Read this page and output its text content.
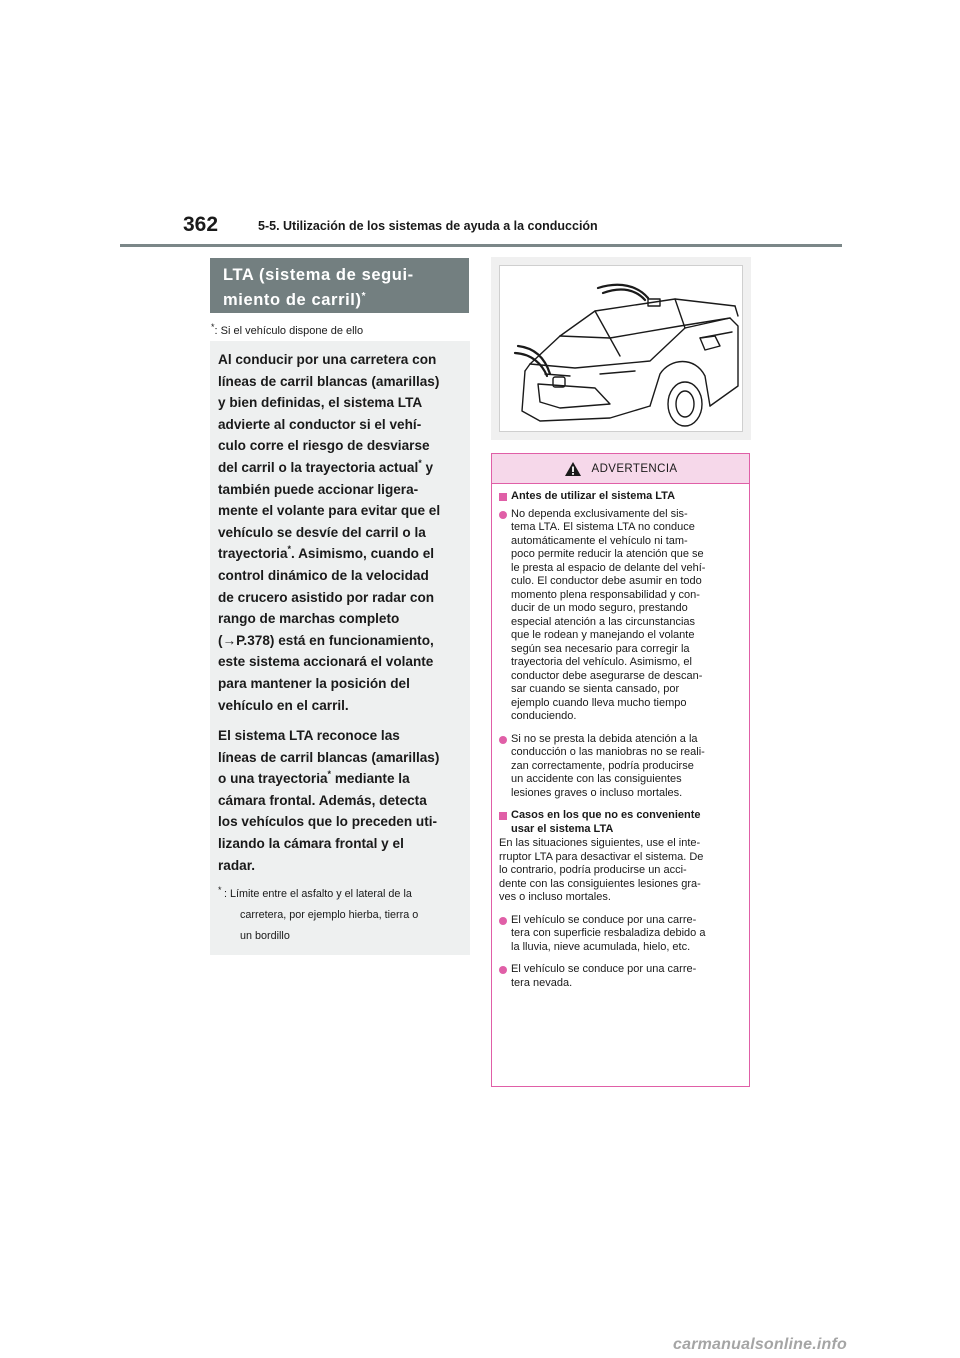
362	5-5. Utilización de los sistemas de ayuda a la conducción
LTA (sistema de segui-
miento de carril)*
*: Si el vehículo dispone de ello

Al conducir por una carretera con
líneas de carril blancas (amarillas)
y bien definidas, el sistema LTA
advierte al conductor si el vehí-
culo corre el riesgo de desviarse
del carril o la trayectoria actual* y
también puede accionar ligera-
mente el volante para evitar que el
vehículo se desvíe del carril o la
trayectoria*. Asimismo, cuando el
control dinámico de la velocidad
de crucero asistido por radar con
rango de marchas completo
(→P.378) está en funcionamiento,
este sistema accionará el volante
para mantener la posición del
vehículo en el carril.

El sistema LTA reconoce las
líneas de carril blancas (amarillas)
o una trayectoria* mediante la
cámara frontal. Además, detecta
los vehículos que lo preceden uti-
lizando la cámara frontal y el
radar.

* : Límite entre el asfalto y el lateral de la
carretera, por ejemplo hierba, tierra o
un bordillo
ADVERTENCIA
Antes de utilizar el sistema LTA
No dependa exclusivamente del sis-
tema LTA. El sistema LTA no conduce
automáticamente el vehículo ni tam-
poco permite reducir la atención que se
le presta al espacio de delante del vehí-
culo. El conductor debe asumir en todo
momento plena responsabilidad y con-
ducir de un modo seguro, prestando
especial atención a las circunstancias
que le rodean y manejando el volante
según sea necesario para corregir la
trayectoria del vehículo. Asimismo, el
conductor debe asegurarse de descan-
sar cuando se sienta cansado, por
ejemplo cuando lleva mucho tiempo
conduciendo.
Si no se presta la debida atención a la
conducción o las maniobras no se reali-
zan correctamente, podría producirse
un accidente con las consiguientes
lesiones graves o incluso mortales.
Casos en los que no es conveniente
usar el sistema LTA
En las situaciones siguientes, use el inte-
rruptor LTA para desactivar el sistema. De
lo contrario, podría producirse un acci-
dente con las consiguientes lesiones gra-
ves o incluso mortales.
El vehículo se conduce por una carre-
tera con superficie resbaladiza debido a
la lluvia, nieve acumulada, hielo, etc.
El vehículo se conduce por una carre-
tera nevada.
carmanualsonline.info
